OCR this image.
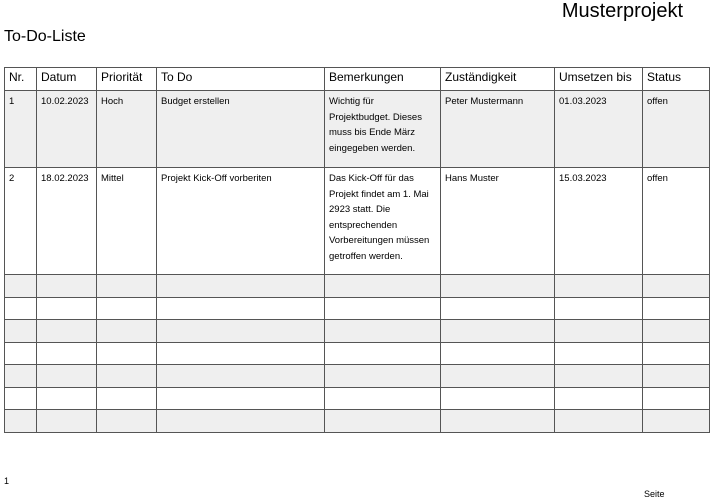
Musterprojekt
To-Do-Liste
Nr.	Datum	Priorität	To Do	Bemerkungen	Zuständigkeit	Umsetzen bis	Status
1	10.02.2023	Hoch	Budget erstellen	Wichtig für Projektbudget. Dieses muss bis Ende März eingegeben werden.	Peter Mustermann	01.03.2023	offen
2	18.02.2023	Mittel	Projekt Kick-Off vorberiten	Das Kick-Off für das Projekt findet am 1. Mai 2923 statt. Die entsprechenden Vorbereitungen müssen getroffen werden.	Hans Muster	15.03.2023	offen

1
Seite
